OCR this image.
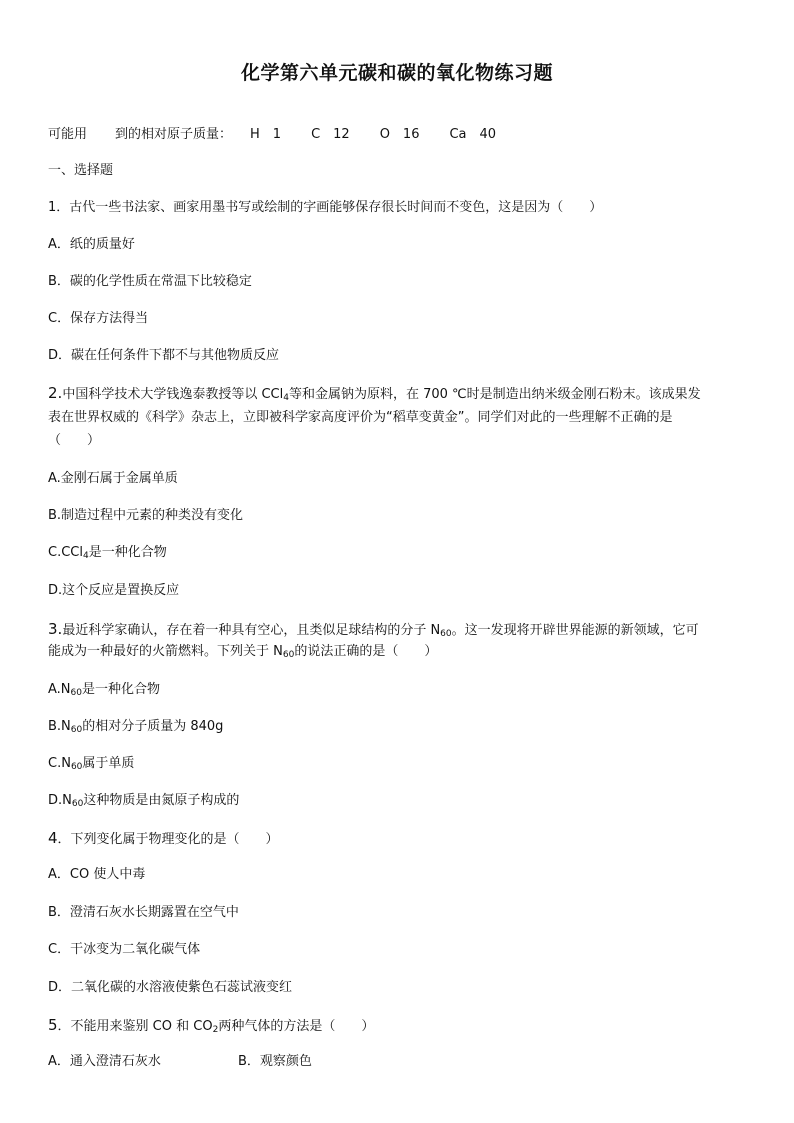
化学第六单元碳和碳的氧化物练习题
可能用 到的相对原子质量： H　1 C　12 O　16 Ca　40
一、选择题
1．古代一些书法家、画家用墨书写或绘制的字画能够保存很长时间而不变色，这是因为（　　）
A．纸的质量好
B．碳的化学性质在常温下比较稳定
C．保存方法得当
D．碳在任何条件下都不与其他物质反应
2.中国科学技术大学钱逸泰教授等以 CCl$_4$等和金属钠为原料，在 700 ℃时是制造出纳米级金刚石粉末。该成果发
表在世界权威的《科学》杂志上，立即被科学家高度评价为“稻草变黄金”。同学们对此的一些理解不正确的是
（　　）
A.金刚石属于金属单质
B.制造过程中元素的种类没有变化
C.CCl$_4$是一种化合物
D.这个反应是置换反应
3.最近科学家确认，存在着一种具有空心，且类似足球结构的分子 $N_{60}$。这一发现将开辟世界能源的新领域，它可
能成为一种最好的火箭燃料。下列关于 $N_{60}$的说法正确的是（　　）
$A.N_{60}$是一种化合物
$B.N_{60}$的相对分子质量为 840g
$C.N_{60}$属于单质
$D.N_{60}$这种物质是由氮原子构成的
4．下列变化属于物理变化的是（　　）
A．CO 使人中毒
B．澄清石灰水长期露置在空气中
C．干冰变为二氧化碳气体
D．二氧化碳的水溶液使紫色石蕊试液变红
5．不能用来鉴别 CO 和 $CO_2$两种气体的方法是（　　）
A．通入澄清石灰水	B．观察颜色
